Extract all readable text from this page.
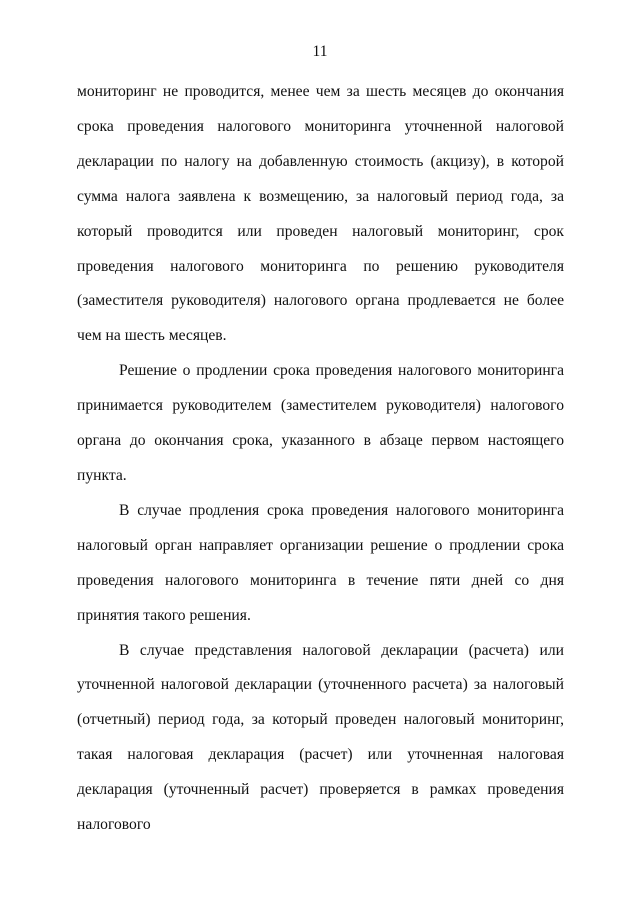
11

мониторинг не проводится, менее чем за шесть месяцев до окончания срока проведения налогового мониторинга уточненной налоговой декларации по налогу на добавленную стоимость (акцизу), в которой сумма налога заявлена к возмещению, за налоговый период года, за который проводится или проведен налоговый мониторинг, срок проведения налогового мониторинга по решению руководителя (заместителя руководителя) налогового органа продлевается не более чем на шесть месяцев.

Решение о продлении срока проведения налогового мониторинга принимается руководителем (заместителем руководителя) налогового органа до окончания срока, указанного в абзаце первом настоящего пункта.

В случае продления срока проведения налогового мониторинга налоговый орган направляет организации решение о продлении срока проведения налогового мониторинга в течение пяти дней со дня принятия такого решения.

В случае представления налоговой декларации (расчета) или уточненной налоговой декларации (уточненного расчета) за налоговый (отчетный) период года, за который проведен налоговый мониторинг, такая налоговая декларация (расчет) или уточненная налоговая декларация (уточненный расчет) проверяется в рамках проведения налогового
